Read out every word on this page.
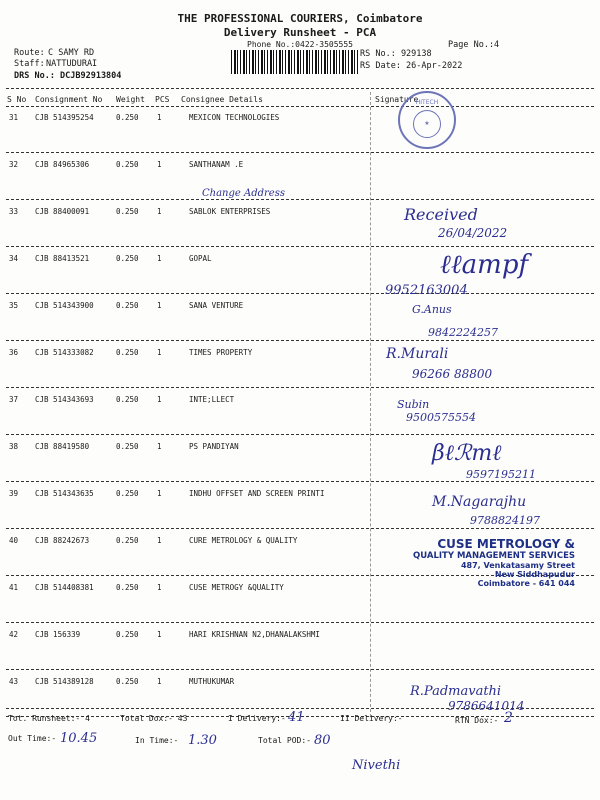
THE PROFESSIONAL COURIERS, Coimbatore
Delivery Runsheet - PCA
Phone No.:0422-3505555	Page No.:4
RS No.: 929138
RS Date: 26-Apr-2022
Route: C SAMY RD
Staff: NATTUDURAI
DRS No.: DCJB92913804
S No Consignment No Weight PCS Consignee Details	Signature
31 CJB 514395254	0.250 1	MEXICON TECHNOLOGIES
32 CJB 84965306	0.250 1	SANTHANAM .E
33 CJB 88400091	0.250 1	SABLOK ENTERPRISES
34 CJB 88413521	0.250 1	GOPAL
35 CJB 514343900	0.250 1	SANA VENTURE
36 CJB 514333082	0.250 1	TIMES PROPERTY
37 CJB 514343693	0.250 1	INTE;LLECT
38 CJB 88419580	0.250 1	PS PANDIYAN
39 CJB 514343635	0.250 1	INDHU OFFSET AND SCREEN PRINTI
40 CJB 88242673	0.250 1	CURE METROLOGY & QUALITY
41 CJB 514408381	0.250 1	CUSE METROGY &QUALITY
42 CJB 156339	0.250 1	HARI KRISHNAN N2,DHANALAKSHMI
43 CJB 514389128	0.250 1	MUTHUKUMAR
HITECH
★
Change Address
Received
26/04/2022
ℓℓampf
9952163004
G.Anus
9842224257
R.Murali
96266 88800
Subin
9500575554
βℓℛmℓ
9597195211
M.Nagarajhu
9788824197
CUSE METROLOGY &
QUALITY MANAGEMENT SERVICES
487, Venkatasamy Street
New Siddhapudur
Coimbatore - 641 044
R.Padmavathi
9786641014
Tot. Runsheet:- 4	Total Dox:- 43	I Delivery:- 41	II Delivery:-	RTN Dox:- 2
Out Time:- 10.45	In Time:- 1.30	Total POD:- 80
Nivethi
